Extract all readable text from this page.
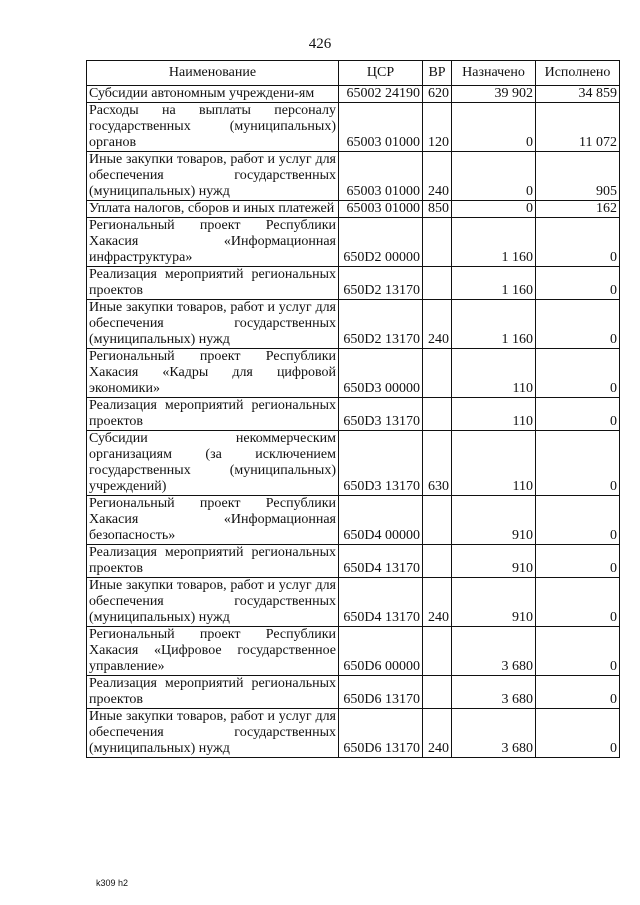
426
Наименование	ЦСР	ВР	Назначено	Исполнено
Субсидии автономным учреждени-ям	65002 24190	620	39 902	34 859
Расходы на выплаты персоналу государственных (муниципальных) органов	65003 01000	120	0	11 072
Иные закупки товаров, работ и услуг для обеспечения государственных (муниципальных) нужд	65003 01000	240	0	905
Уплата налогов, сборов и иных платежей	65003 01000	850	0	162
Региональный проект Республики Хакасия «Информационная инфраструктура»	650D2 00000		1 160	0
Реализация мероприятий региональных проектов	650D2 13170		1 160	0
Иные закупки товаров, работ и услуг для обеспечения государственных (муниципальных) нужд	650D2 13170	240	1 160	0
Региональный проект Республики Хакасия «Кадры для цифровой экономики»	650D3 00000		110	0
Реализация мероприятий региональных проектов	650D3 13170		110	0
Субсидии некоммерческим организациям (за исключением государственных (муниципальных) учреждений)	650D3 13170	630	110	0
Региональный проект Республики Хакасия «Информационная безопасность»	650D4 00000		910	0
Реализация мероприятий региональных проектов	650D4 13170		910	0
Иные закупки товаров, работ и услуг для обеспечения государственных (муниципальных) нужд	650D4 13170	240	910	0
Региональный проект Республики Хакасия «Цифровое государственное управление»	650D6 00000		3 680	0
Реализация мероприятий региональных проектов	650D6 13170		3 680	0
Иные закупки товаров, работ и услуг для обеспечения государственных (муниципальных) нужд	650D6 13170	240	3 680	0
k309 h2
